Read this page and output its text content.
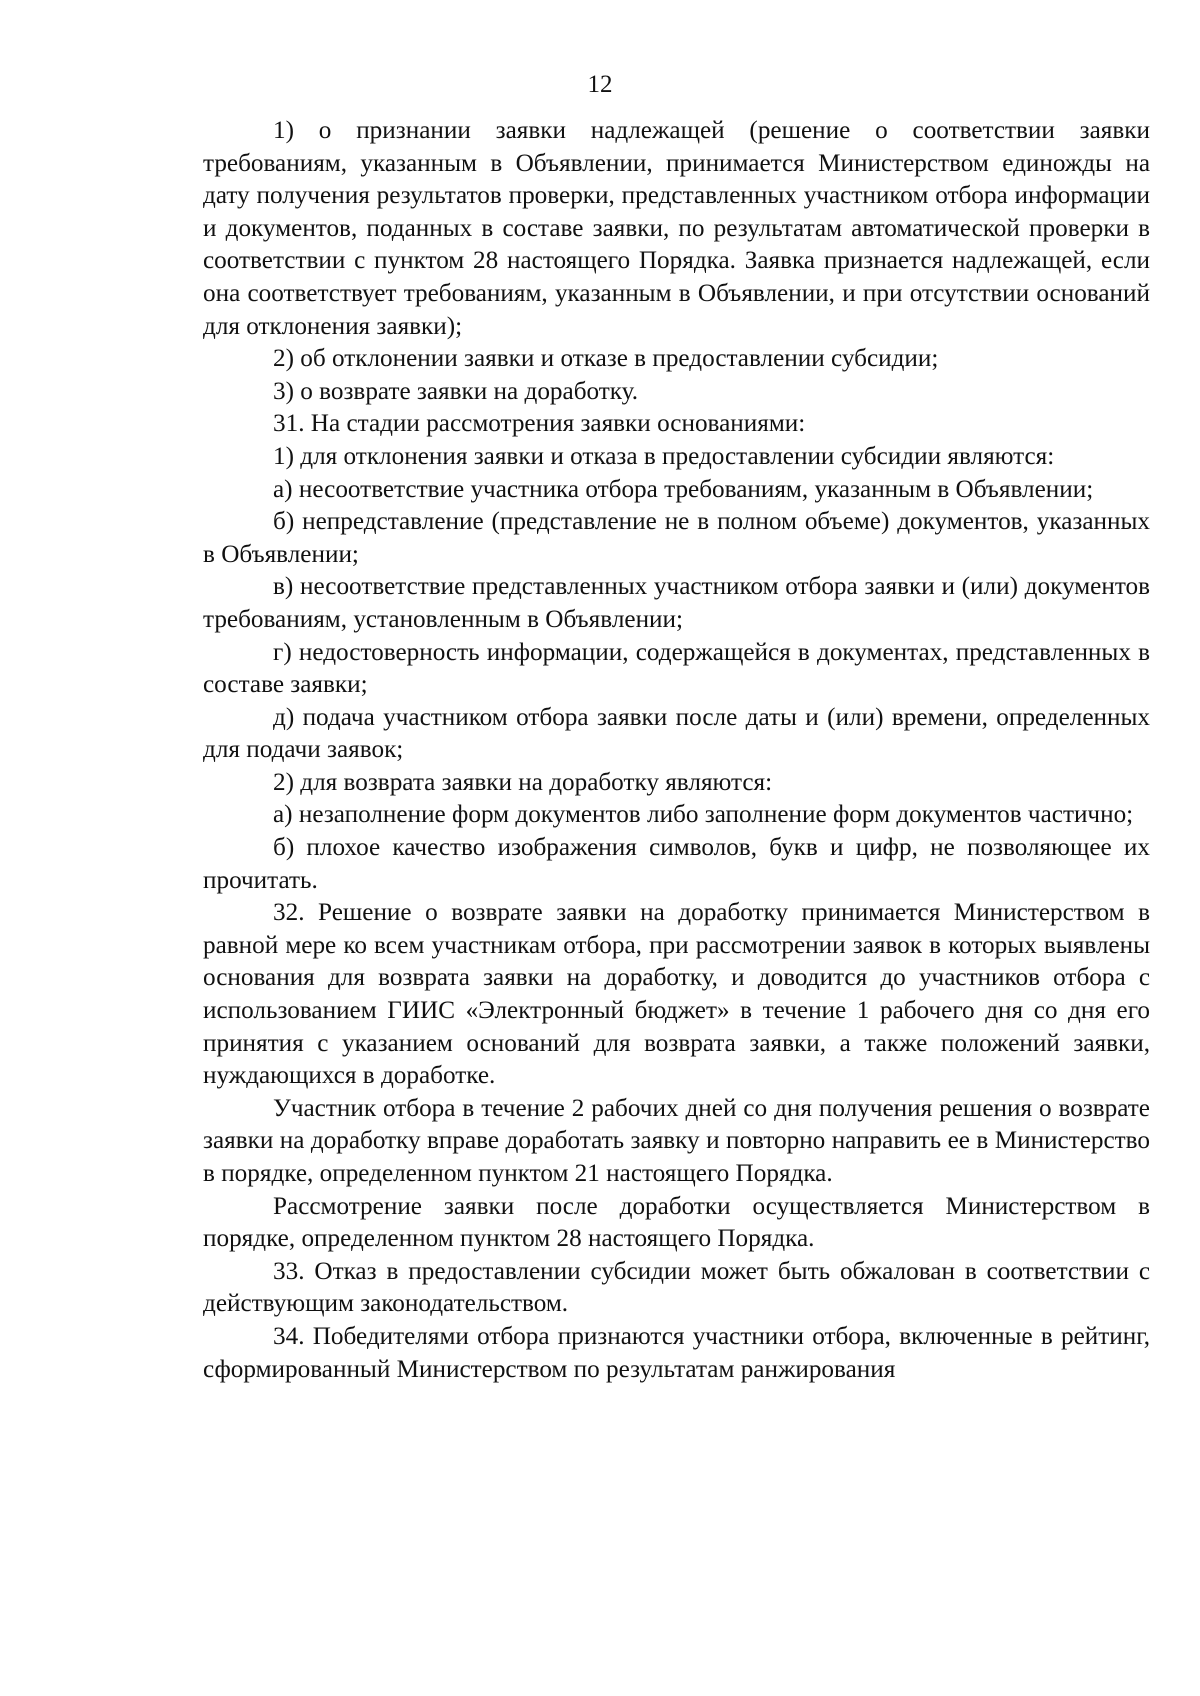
12

1) о признании заявки надлежащей (решение о соответствии заявки требованиям, указанным в Объявлении, принимается Министерством единожды на дату получения результатов проверки, представленных участником отбора информации и документов, поданных в составе заявки, по результатам автоматической проверки в соответствии с пунктом 28 настоящего Порядка. Заявка признается надлежащей, если она соответствует требованиям, указанным в Объявлении, и при отсутствии оснований для отклонения заявки);

2) об отклонении заявки и отказе в предоставлении субсидии;

3) о возврате заявки на доработку.

31. На стадии рассмотрения заявки основаниями:

1) для отклонения заявки и отказа в предоставлении субсидии являются:

а) несоответствие участника отбора требованиям, указанным в Объявлении;

б) непредставление (представление не в полном объеме) документов, указанных в Объявлении;

в) несоответствие представленных участником отбора заявки и (или) документов требованиям, установленным в Объявлении;

г) недостоверность информации, содержащейся в документах, представленных в составе заявки;

д) подача участником отбора заявки после даты и (или) времени, определенных для подачи заявок;

2) для возврата заявки на доработку являются:

а) незаполнение форм документов либо заполнение форм документов частично;

б) плохое качество изображения символов, букв и цифр, не позволяющее их прочитать.

32. Решение о возврате заявки на доработку принимается Министерством в равной мере ко всем участникам отбора, при рассмотрении заявок в которых выявлены основания для возврата заявки на доработку, и доводится до участников отбора с использованием ГИИС «Электронный бюджет» в течение 1 рабочего дня со дня его принятия с указанием оснований для возврата заявки, а также положений заявки, нуждающихся в доработке.

Участник отбора в течение 2 рабочих дней со дня получения решения о возврате заявки на доработку вправе доработать заявку и повторно направить ее в Министерство в порядке, определенном пунктом 21 настоящего Порядка.

Рассмотрение заявки после доработки осуществляется Министерством в порядке, определенном пунктом 28 настоящего Порядка.

33. Отказ в предоставлении субсидии может быть обжалован в соответствии с действующим законодательством.

34. Победителями отбора признаются участники отбора, включенные в рейтинг, сформированный Министерством по результатам ранжирования
